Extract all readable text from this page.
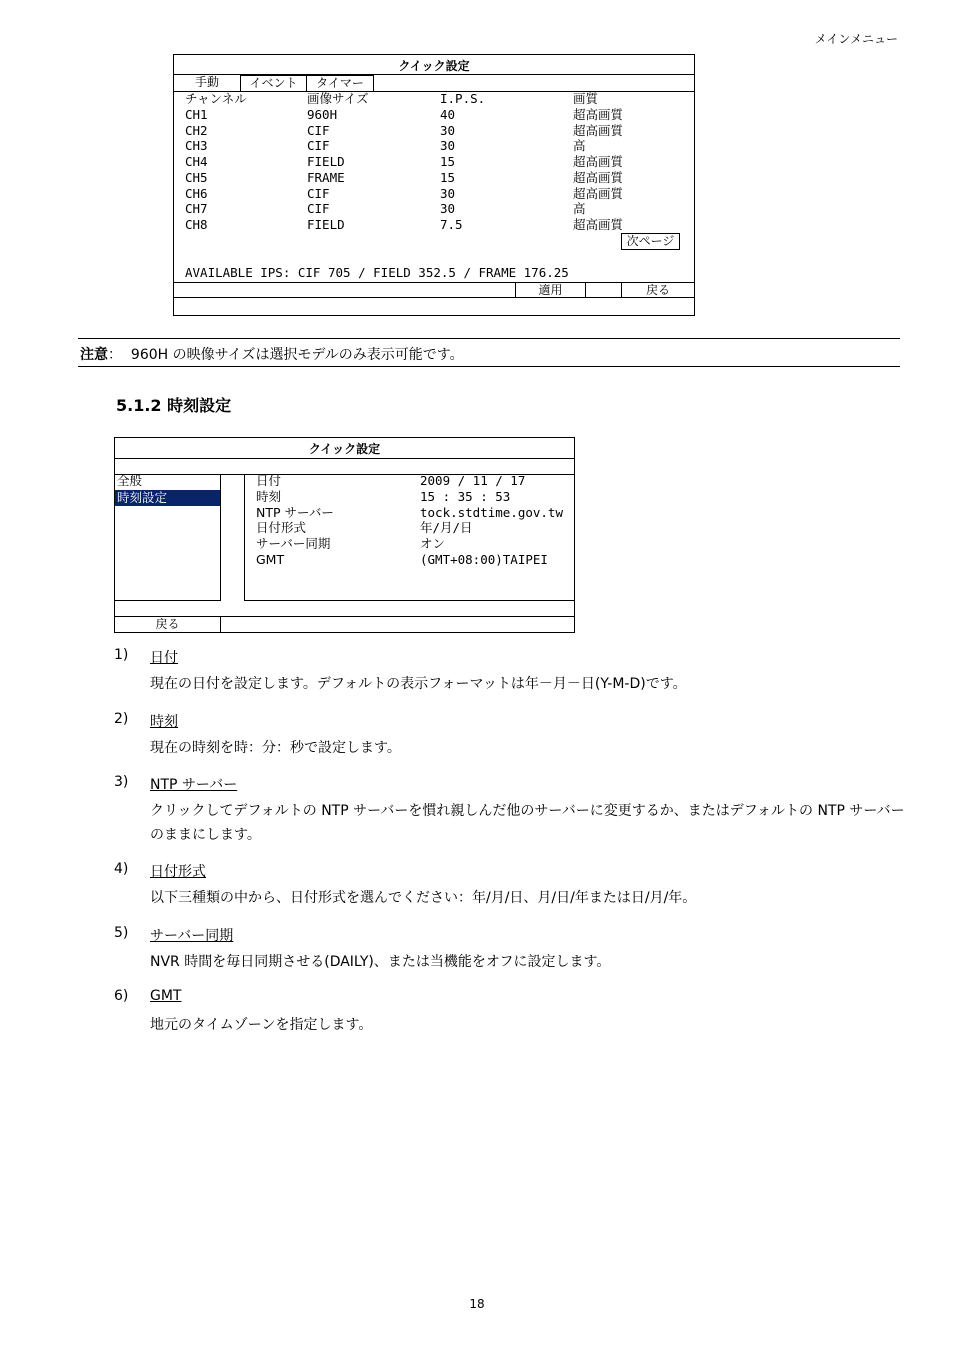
メインメニュー
クイック設定
手動	イベント	タイマー
チャンネル	画像サイズ	I.P.S.	画質
CH1	960H	40	超高画質
CH2	CIF	30	超高画質
CH3	CIF	30	高
CH4	FIELD	15	超高画質
CH5	FRAME	15	超高画質
CH6	CIF	30	超高画質
CH7	CIF	30	高
CH8	FIELD	7.5	超高画質
次ページ
AVAILABLE IPS: CIF 705 / FIELD 352.5 / FRAME 176.25
適用	戻る
注意： 960H の映像サイズは選択モデルのみ表示可能です。
5.1.2 時刻設定
クイック設定
全般
時刻設定
日付	2009 / 11 / 17
時刻	15 : 35 : 53
NTP サーバー	tock.stdtime.gov.tw
日付形式	年/月/日
サーバー同期	オン
GMT	(GMT+08:00)TAIPEI
戻る
1) 日付
現在の日付を設定します。デフォルトの表示フォーマットは年－月－日(Y-M-D)です。
2) 時刻
現在の時刻を時：分：秒で設定します。
3) NTP サーバー
クリックしてデフォルトの NTP サーバーを慣れ親しんだ他のサーバーに変更するか、またはデフォルトの NTP サーバーのままにします。
4) 日付形式
以下三種類の中から、日付形式を選んでください：年/月/日、月/日/年または日/月/年。
5) サーバー同期
NVR 時間を毎日同期させる(DAILY)、または当機能をオフに設定します。
6) GMT
地元のタイムゾーンを指定します。
18
